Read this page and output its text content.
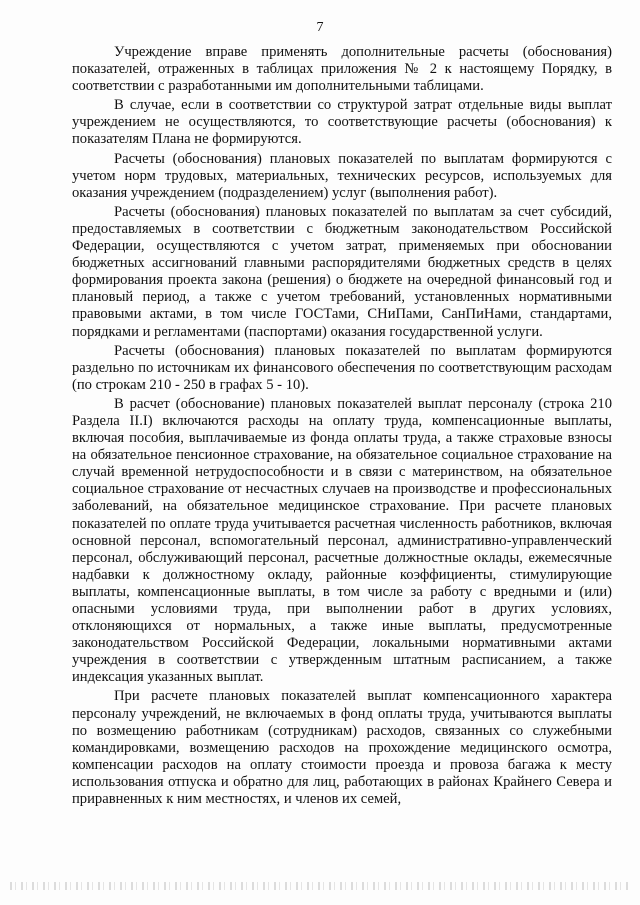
7

Учреждение вправе применять дополнительные расчеты (обоснования) показателей, отраженных в таблицах приложения № 2 к настоящему Порядку, в соответствии с разработанными им дополнительными таблицами.

В случае, если в соответствии со структурой затрат отдельные виды выплат учреждением не осуществляются, то соответствующие расчеты (обоснования) к показателям Плана не формируются.

Расчеты (обоснования) плановых показателей по выплатам формируются с учетом норм трудовых, материальных, технических ресурсов, используемых для оказания учреждением (подразделением) услуг (выполнения работ).

Расчеты (обоснования) плановых показателей по выплатам за счет субсидий, предоставляемых в соответствии с бюджетным законодательством Российской Федерации, осуществляются с учетом затрат, применяемых при обосновании бюджетных ассигнований главными распорядителями бюджетных средств в целях формирования проекта закона (решения) о бюджете на очередной финансовый год и плановый период, а также с учетом требований, установленных нормативными правовыми актами, в том числе ГОСТами, СНиПами, СанПиНами, стандартами, порядками и регламентами (паспортами) оказания государственной услуги.

Расчеты (обоснования) плановых показателей по выплатам формируются раздельно по источникам их финансового обеспечения по соответствующим расходам (по строкам 210 - 250 в графах 5 - 10).

В расчет (обоснование) плановых показателей выплат персоналу (строка 210 Раздела II.I) включаются расходы на оплату труда, компенсационные выплаты, включая пособия, выплачиваемые из фонда оплаты труда, а также страховые взносы на обязательное пенсионное страхование, на обязательное социальное страхование на случай временной нетрудоспособности и в связи с материнством, на обязательное социальное страхование от несчастных случаев на производстве и профессиональных заболеваний, на обязательное медицинское страхование. При расчете плановых показателей по оплате труда учитывается расчетная численность работников, включая основной персонал, вспомогательный персонал, административно-управленческий персонал, обслуживающий персонал, расчетные должностные оклады, ежемесячные надбавки к должностному окладу, районные коэффициенты, стимулирующие выплаты, компенсационные выплаты, в том числе за работу с вредными и (или) опасными условиями труда, при выполнении работ в других условиях, отклоняющихся от нормальных, а также иные выплаты, предусмотренные законодательством Российской Федерации, локальными нормативными актами учреждения в соответствии с утвержденным штатным расписанием, а также индексация указанных выплат.

При расчете плановых показателей выплат компенсационного характера персоналу учреждений, не включаемых в фонд оплаты труда, учитываются выплаты по возмещению работникам (сотрудникам) расходов, связанных со служебными командировками, возмещению расходов на прохождение медицинского осмотра, компенсации расходов на оплату стоимости проезда и провоза багажа к месту использования отпуска и обратно для лиц, работающих в районах Крайнего Севера и приравненных к ним местностях, и членов их семей,
